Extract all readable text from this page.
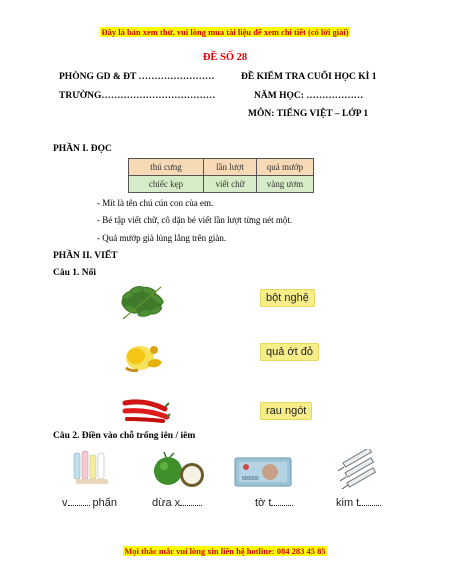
Đây là bản xem thử, vui lòng mua tài liệu để xem chi tiết (có lời giải)
ĐỀ SỐ 28
PHÒNG GD & ĐT ……………………	ĐỀ KIỂM TRA CUỐI HỌC KÌ 1
TRƯỜNG………………………………	NĂM HỌC: ………………
MÔN: TIẾNG VIỆT – LỚP 1
PHẦN I. ĐỌC
thú cưng	lần lượt	quả mướp
chiếc kẹp	viết chữ	vàng ươm
- Mít là tên chú cún con của em.
- Bé tập viết chữ, cô dặn bé viết lần lượt từng nét một.
- Quả mướp già lủng lẳng trên giàn.
PHẦN II. VIẾT
Câu 1. Nối
bột nghệ
quả ớt đỏ
rau ngót
Câu 2. Điền vào chỗ trống iên / iêm
500000
v phấn	dừa x	tờ t	kim t
Mọi thắc mắc vui lòng xin liên hệ hotline: 084 283 45 85
